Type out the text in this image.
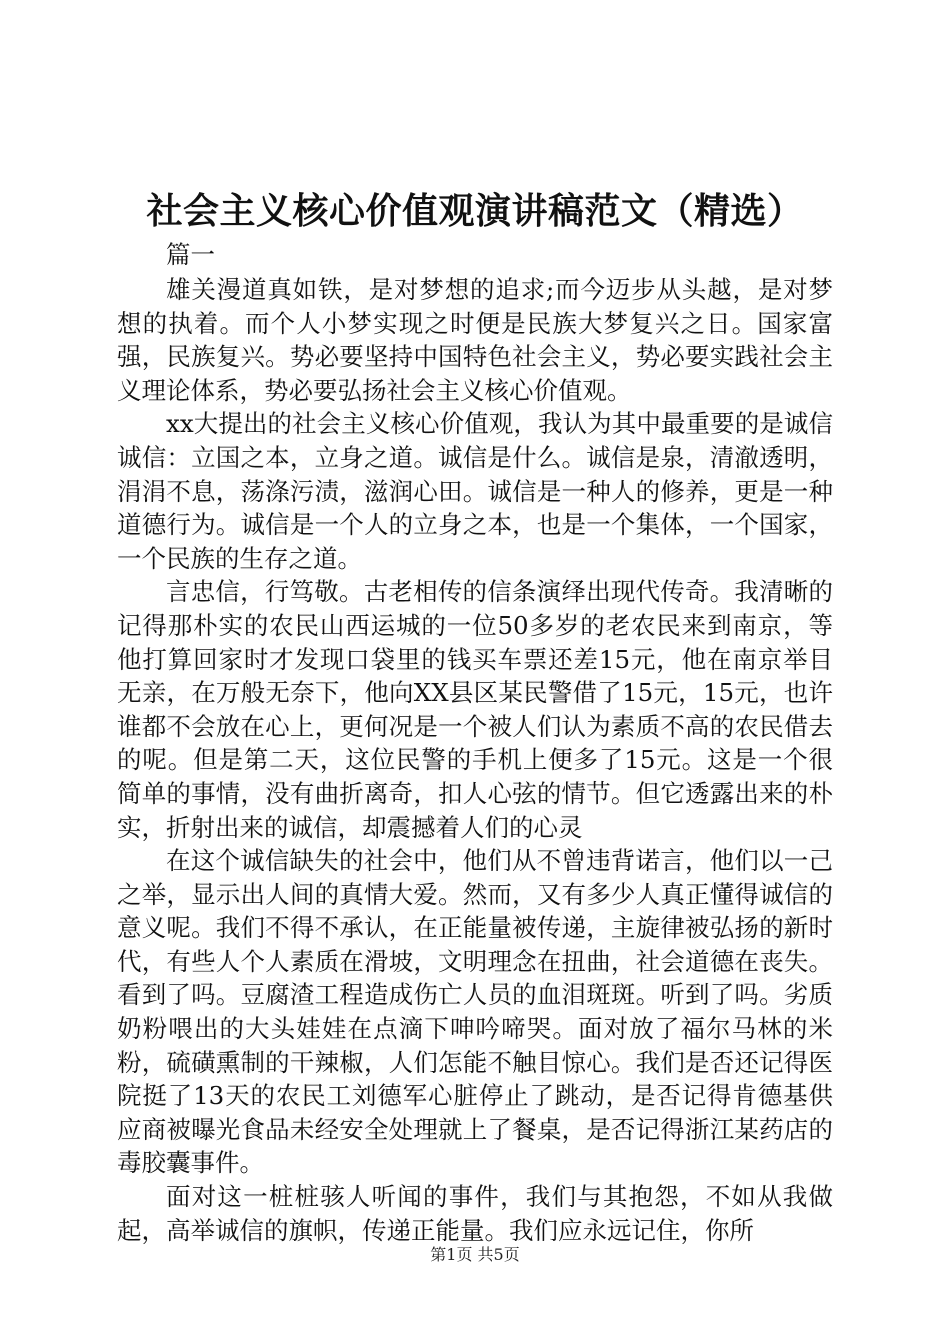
社会主义核心价值观演讲稿范文（精选）

篇一

雄关漫道真如铁，是对梦想的追求;而今迈步从头越，是对梦想的执着。而个人小梦实现之时便是民族大梦复兴之日。国家富强，民族复兴。势必要坚持中国特色社会主义，势必要实践社会主义理论体系，势必要弘扬社会主义核心价值观。

xx大提出的社会主义核心价值观，我认为其中最重要的是诚信诚信：立国之本，立身之道。诚信是什么。诚信是泉，清澈透明，涓涓不息，荡涤污渍，滋润心田。诚信是一种人的修养，更是一种道德行为。诚信是一个人的立身之本，也是一个集体，一个国家，一个民族的生存之道。

言忠信，行笃敬。古老相传的信条演绎出现代传奇。我清晰的记得那朴实的农民山西运城的一位50多岁的老农民来到南京，等他打算回家时才发现口袋里的钱买车票还差15元，他在南京举目无亲，在万般无奈下，他向XX县区某民警借了15元，15元，也许谁都不会放在心上，更何况是一个被人们认为素质不高的农民借去的呢。但是第二天，这位民警的手机上便多了15元。这是一个很简单的事情，没有曲折离奇，扣人心弦的情节。但它透露出来的朴实，折射出来的诚信，却震撼着人们的心灵

在这个诚信缺失的社会中，他们从不曾违背诺言，他们以一己之举，显示出人间的真情大爱。然而，又有多少人真正懂得诚信的意义呢。我们不得不承认，在正能量被传递，主旋律被弘扬的新时代，有些人个人素质在滑坡，文明理念在扭曲，社会道德在丧失。看到了吗。豆腐渣工程造成伤亡人员的血泪斑斑。听到了吗。劣质奶粉喂出的大头娃娃在点滴下呻吟啼哭。面对放了福尔马林的米粉，硫磺熏制的干辣椒，人们怎能不触目惊心。我们是否还记得医院挺了13天的农民工刘德军心脏停止了跳动，是否记得肯德基供应商被曝光食品未经安全处理就上了餐桌，是否记得浙江某药店的毒胶囊事件。

面对这一桩桩骇人听闻的事件，我们与其抱怨，不如从我做起，高举诚信的旗帜，传递正能量。我们应永远记住，你所

第1页 共5页
